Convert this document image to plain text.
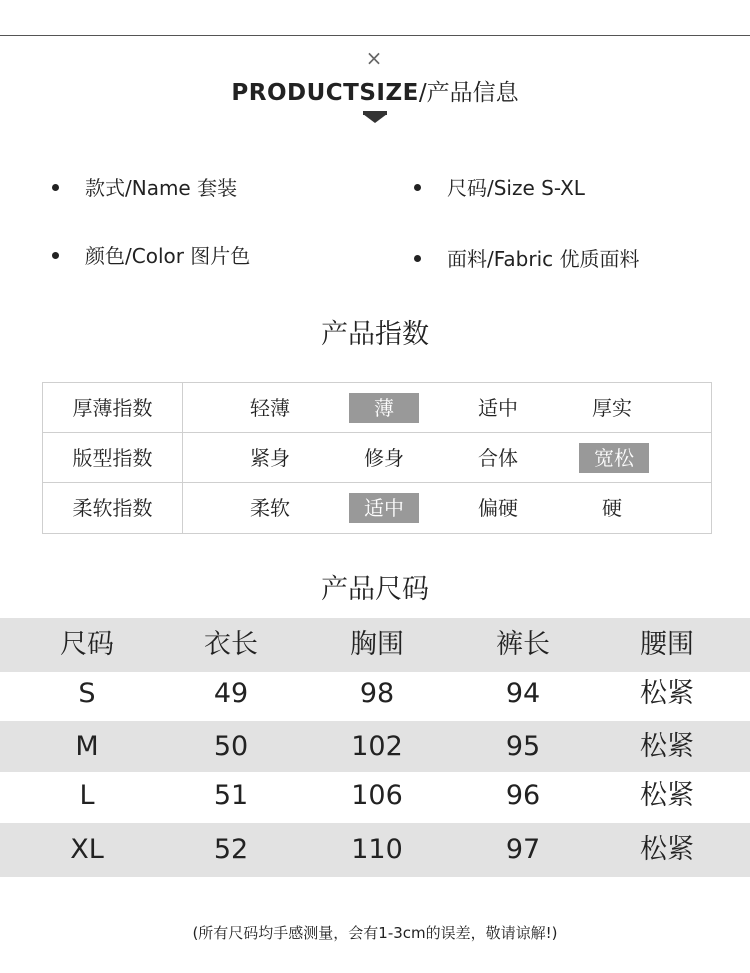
×
PRODUCTSIZE/产品信息
款式/Name 套装	尺码/Size S-XL
颜色/Color 图片色	面料/Fabric 优质面料
产品指数
厚薄指数	轻薄	薄	适中	厚实
版型指数	紧身	修身	合体	宽松
柔软指数	柔软	适中	偏硬	硬
产品尺码
尺码	衣长	胸围	裤长	腰围
S	49	98	94	松紧
M	50	102	95	松紧
L	51	106	96	松紧
XL	52	110	97	松紧
(所有尺码均手感测量，会有1-3cm的误差，敬请谅解!)
